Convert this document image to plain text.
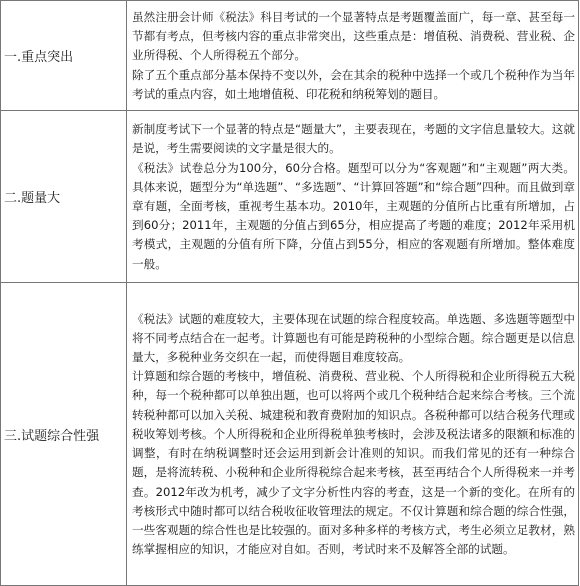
一.重点突出	虽然注册会计师《税法》科目考试的一个显著特点是考题覆盖面广，每一章、甚至每一节都有考点，但考核内容的重点非常突出，这些重点是：增值税、消费税、营业税、企业所得税、个人所得税五个部分。

除了五个重点部分基本保持不变以外，会在其余的税种中选择一个或几个税种作为当年考试的重点内容，如土地增值税、印花税和纳税筹划的题目。

二.题量大	新制度考试下一个显著的特点是“题量大”，主要表现在，考题的文字信息量较大。这就是说，考生需要阅读的文字量是很大的。

《税法》试卷总分为100分，60分合格。题型可以分为“客观题”和“主观题”两大类。具体来说，题型分为“单选题”、“多选题”、“计算回答题”和“综合题”四种。而且做到章章有题，全面考核，重视考生基本功。2010年，主观题的分值所占比重有所增加，占到60分；2011年，主观题的分值占到65分，相应提高了考题的难度；2012年采用机考模式，主观题的分值有所下降，分值占到55分，相应的客观题有所增加。整体难度一般。

三.试题综合性强	《税法》试题的难度较大，主要体现在试题的综合程度较高。单选题、多选题等题型中将不同考点结合在一起考。计算题也有可能是跨税种的小型综合题。综合题更是以信息量大，多税种业务交织在一起，而使得题目难度较高。

计算题和综合题的考核中，增值税、消费税、营业税、个人所得税和企业所得税五大税种，每一个税种都可以单独出题，也可以将两个或几个税种结合起来综合考核。三个流转税种都可以加入关税、城建税和教育费附加的知识点。各税种都可以结合税务代理或税收筹划考核。个人所得税和企业所得税单独考核时，会涉及税法诸多的限额和标准的调整，有时在纳税调整时还会运用到新会计准则的知识。而我们常见的还有一种综合题，是将流转税、小税种和企业所得税综合起来考核，甚至再结合个人所得税来一并考查。2012年改为机考，减少了文字分析性内容的考查，这是一个新的变化。在所有的考核形式中随时都可以结合税收征收管理法的规定。不仅计算题和综合题的综合性强，一些客观题的综合性也是比较强的。面对多种多样的考核方式，考生必须立足教材，熟练掌握相应的知识，才能应对自如。否则，考试时来不及解答全部的试题。
